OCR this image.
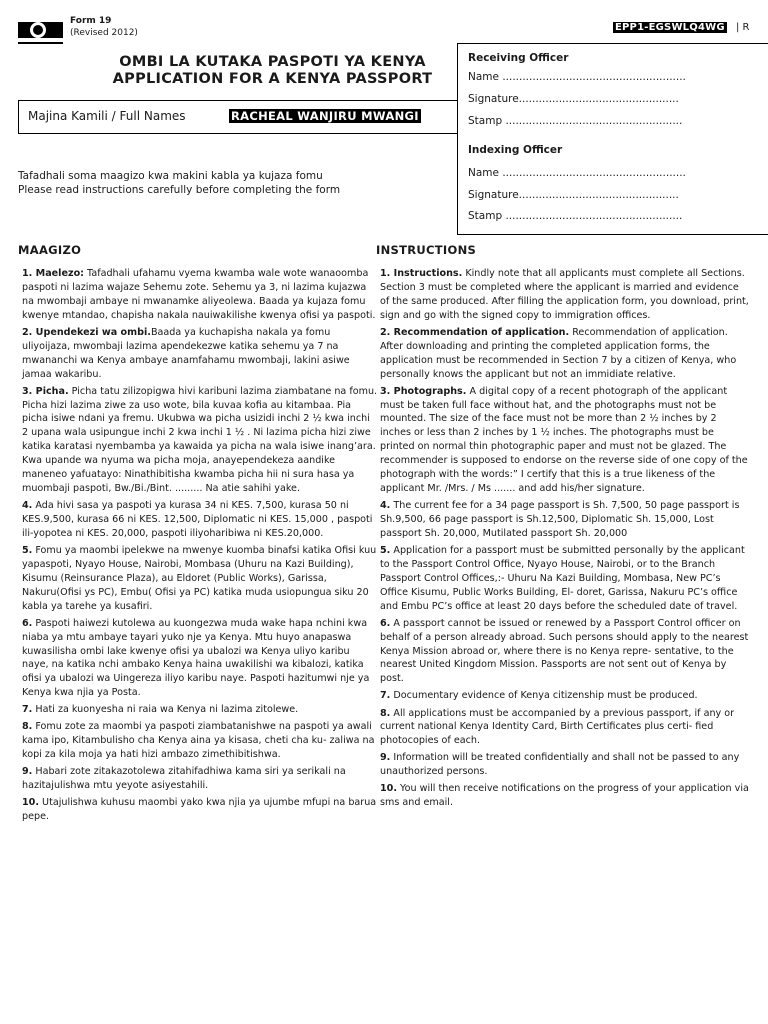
Form 19
(Revised 2012)	EPP1-EGSWLQ4WG | R
OMBI LA KUTAKA PASPOTI YA KENYA
APPLICATION FOR A KENYA PASSPORT
Receiving Officer
Name .......................................................
Signature................................................
Stamp .....................................................
Indexing Officer
Name .......................................................
Signature................................................
Stamp .....................................................
Majina Kamili / Full Names	RACHEAL WANJIRU MWANGI
Tafadhali soma maagizo kwa makini kabla ya kujaza fomu
Please read instructions carefully before completing the form
MAAGIZO	INSTRUCTIONS

1. Maelezo: Tafadhali ufahamu vyema kwamba wale wote wanaoomba paspoti ni lazima wajaze Sehemu zote. Sehemu ya 3, ni lazima kujazwa na mwombaji ambaye ni mwanamke aliyeolewa. Baada ya kujaza fomu kwenye mtandao, chapisha nakala nauiwakilishe kwenya ofisi ya paspoti.

2. Upendekezi wa ombi.Baada ya kuchapisha nakala ya fomu uliyoijaza, mwombaji lazima apendekezwe katika sehemu ya 7 na mwananchi wa Kenya ambaye anamfahamu mwombaji, lakini asiwe jamaa wakaribu.

3. Picha. Picha tatu zilizopigwa hivi karibuni lazima ziambatane na fomu. Picha hizi lazima ziwe za uso wote, bila kuvaa kofia au kitambaa. Pia picha isiwe ndani ya fremu. Ukubwa wa picha usizidi inchi 2 ½ kwa inchi 2 upana wala usipungue inchi 2 kwa inchi 1 ½ . Ni lazima picha hizi ziwe katika karatasi nyembamba ya kawaida ya picha na wala isiwe inang’ara. Kwa upande wa nyuma wa picha moja, anayependekeza aandike maneneo yafuatayo: Ninathibitisha kwamba picha hii ni sura hasa ya muombaji paspoti, Bw./Bi./Bint. ......... Na atie sahihi yake.

4. Ada hivi sasa ya paspoti ya kurasa 34 ni KES. 7,500, kurasa 50 ni KES.9,500, kurasa 66 ni KES. 12,500, Diplomatic ni KES. 15,000 , paspoti ili-yopotea ni KES. 20,000, paspoti iliyoharibiwa ni KES.20,000.

5. Fomu ya maombi ipelekwe na mwenye kuomba binafsi katika Ofisi kuu yapaspoti, Nyayo House, Nairobi, Mombasa (Uhuru na Kazi Building), Kisumu (Reinsurance Plaza), au Eldoret (Public Works), Garissa, Nakuru(Ofisi ys PC), Embu( Ofisi ya PC) katika muda usiopungua siku 20 kabla ya tarehe ya kusafiri.

6. Paspoti haiwezi kutolewa au kuongezwa muda wake hapa nchini kwa niaba ya mtu ambaye tayari yuko nje ya Kenya. Mtu huyo anapaswa kuwasilisha ombi lake kwenye ofisi ya ubalozi wa Kenya uliyo karibu naye, na katika nchi ambako Kenya haina uwakilishi wa kibalozi, katika ofisi ya ubalozi wa Uingereza iliyo karibu naye. Paspoti hazitumwi nje ya Kenya kwa njia ya Posta.

7. Hati za kuonyesha ni raia wa Kenya ni lazima zitolewe.

8. Fomu zote za maombi ya paspoti ziambatanishwe na paspoti ya awali kama ipo, Kitambulisho cha Kenya aina ya kisasa, cheti cha ku- zaliwa na kopi za kila moja ya hati hizi ambazo zimethibitishwa.

9. Habari zote zitakazotolewa zitahifadhiwa kama siri ya serikali na hazitajulishwa mtu yeyote asiyestahili.

10. Utajulishwa kuhusu maombi yako kwa njia ya ujumbe mfupi na barua pepe.

1. Instructions. Kindly note that all applicants must complete all Sections. Section 3 must be completed where the applicant is married and evidence of the same produced. After filling the application form, you download, print, sign and go with the signed copy to immigration offices.

2. Recommendation of application. Recommendation of application. After downloading and printing the completed application forms, the application must be recommended in Section 7 by a citizen of Kenya, who personally knows the applicant but not an immidiate relative.

3. Photographs. A digital copy of a recent photograph of the applicant must be taken full face without hat, and the photographs must not be mounted. The size of the face must not be more than 2 ½ inches by 2 inches or less than 2 inches by 1 ½ inches. The photographs must be printed on normal thin photographic paper and must not be glazed. The recommender is supposed to endorse on the reverse side of one copy of the photograph with the words:” I certify that this is a true likeness of the applicant Mr. /Mrs. / Ms ....... and add his/her signature.

4. The current fee for a 34 page passport is Sh. 7,500, 50 page passport is Sh.9,500, 66 page passport is Sh.12,500, Diplomatic Sh. 15,000, Lost passport Sh. 20,000, Mutilated passport Sh. 20,000

5. Application for a passport must be submitted personally by the applicant to the Passport Control Office, Nyayo House, Nairobi, or to the Branch Passport Control Offices,:- Uhuru Na Kazi Building, Mombasa, New PC’s Office Kisumu, Public Works Building, El- doret, Garissa, Nakuru PC’s office and Embu PC’s office at least 20 days before the scheduled date of travel.

6. A passport cannot be issued or renewed by a Passport Control officer on behalf of a person already abroad. Such persons should apply to the nearest Kenya Mission abroad or, where there is no Kenya repre- sentative, to the nearest United Kingdom Mission. Passports are not sent out of Kenya by post.

7. Documentary evidence of Kenya citizenship must be produced.

8. All applications must be accompanied by a previous passport, if any or current national Kenya Identity Card, Birth Certificates plus certi- fied photocopies of each.

9. Information will be treated confidentially and shall not be passed to any unauthorized persons.

10. You will then receive notifications on the progress of your application via sms and email.
